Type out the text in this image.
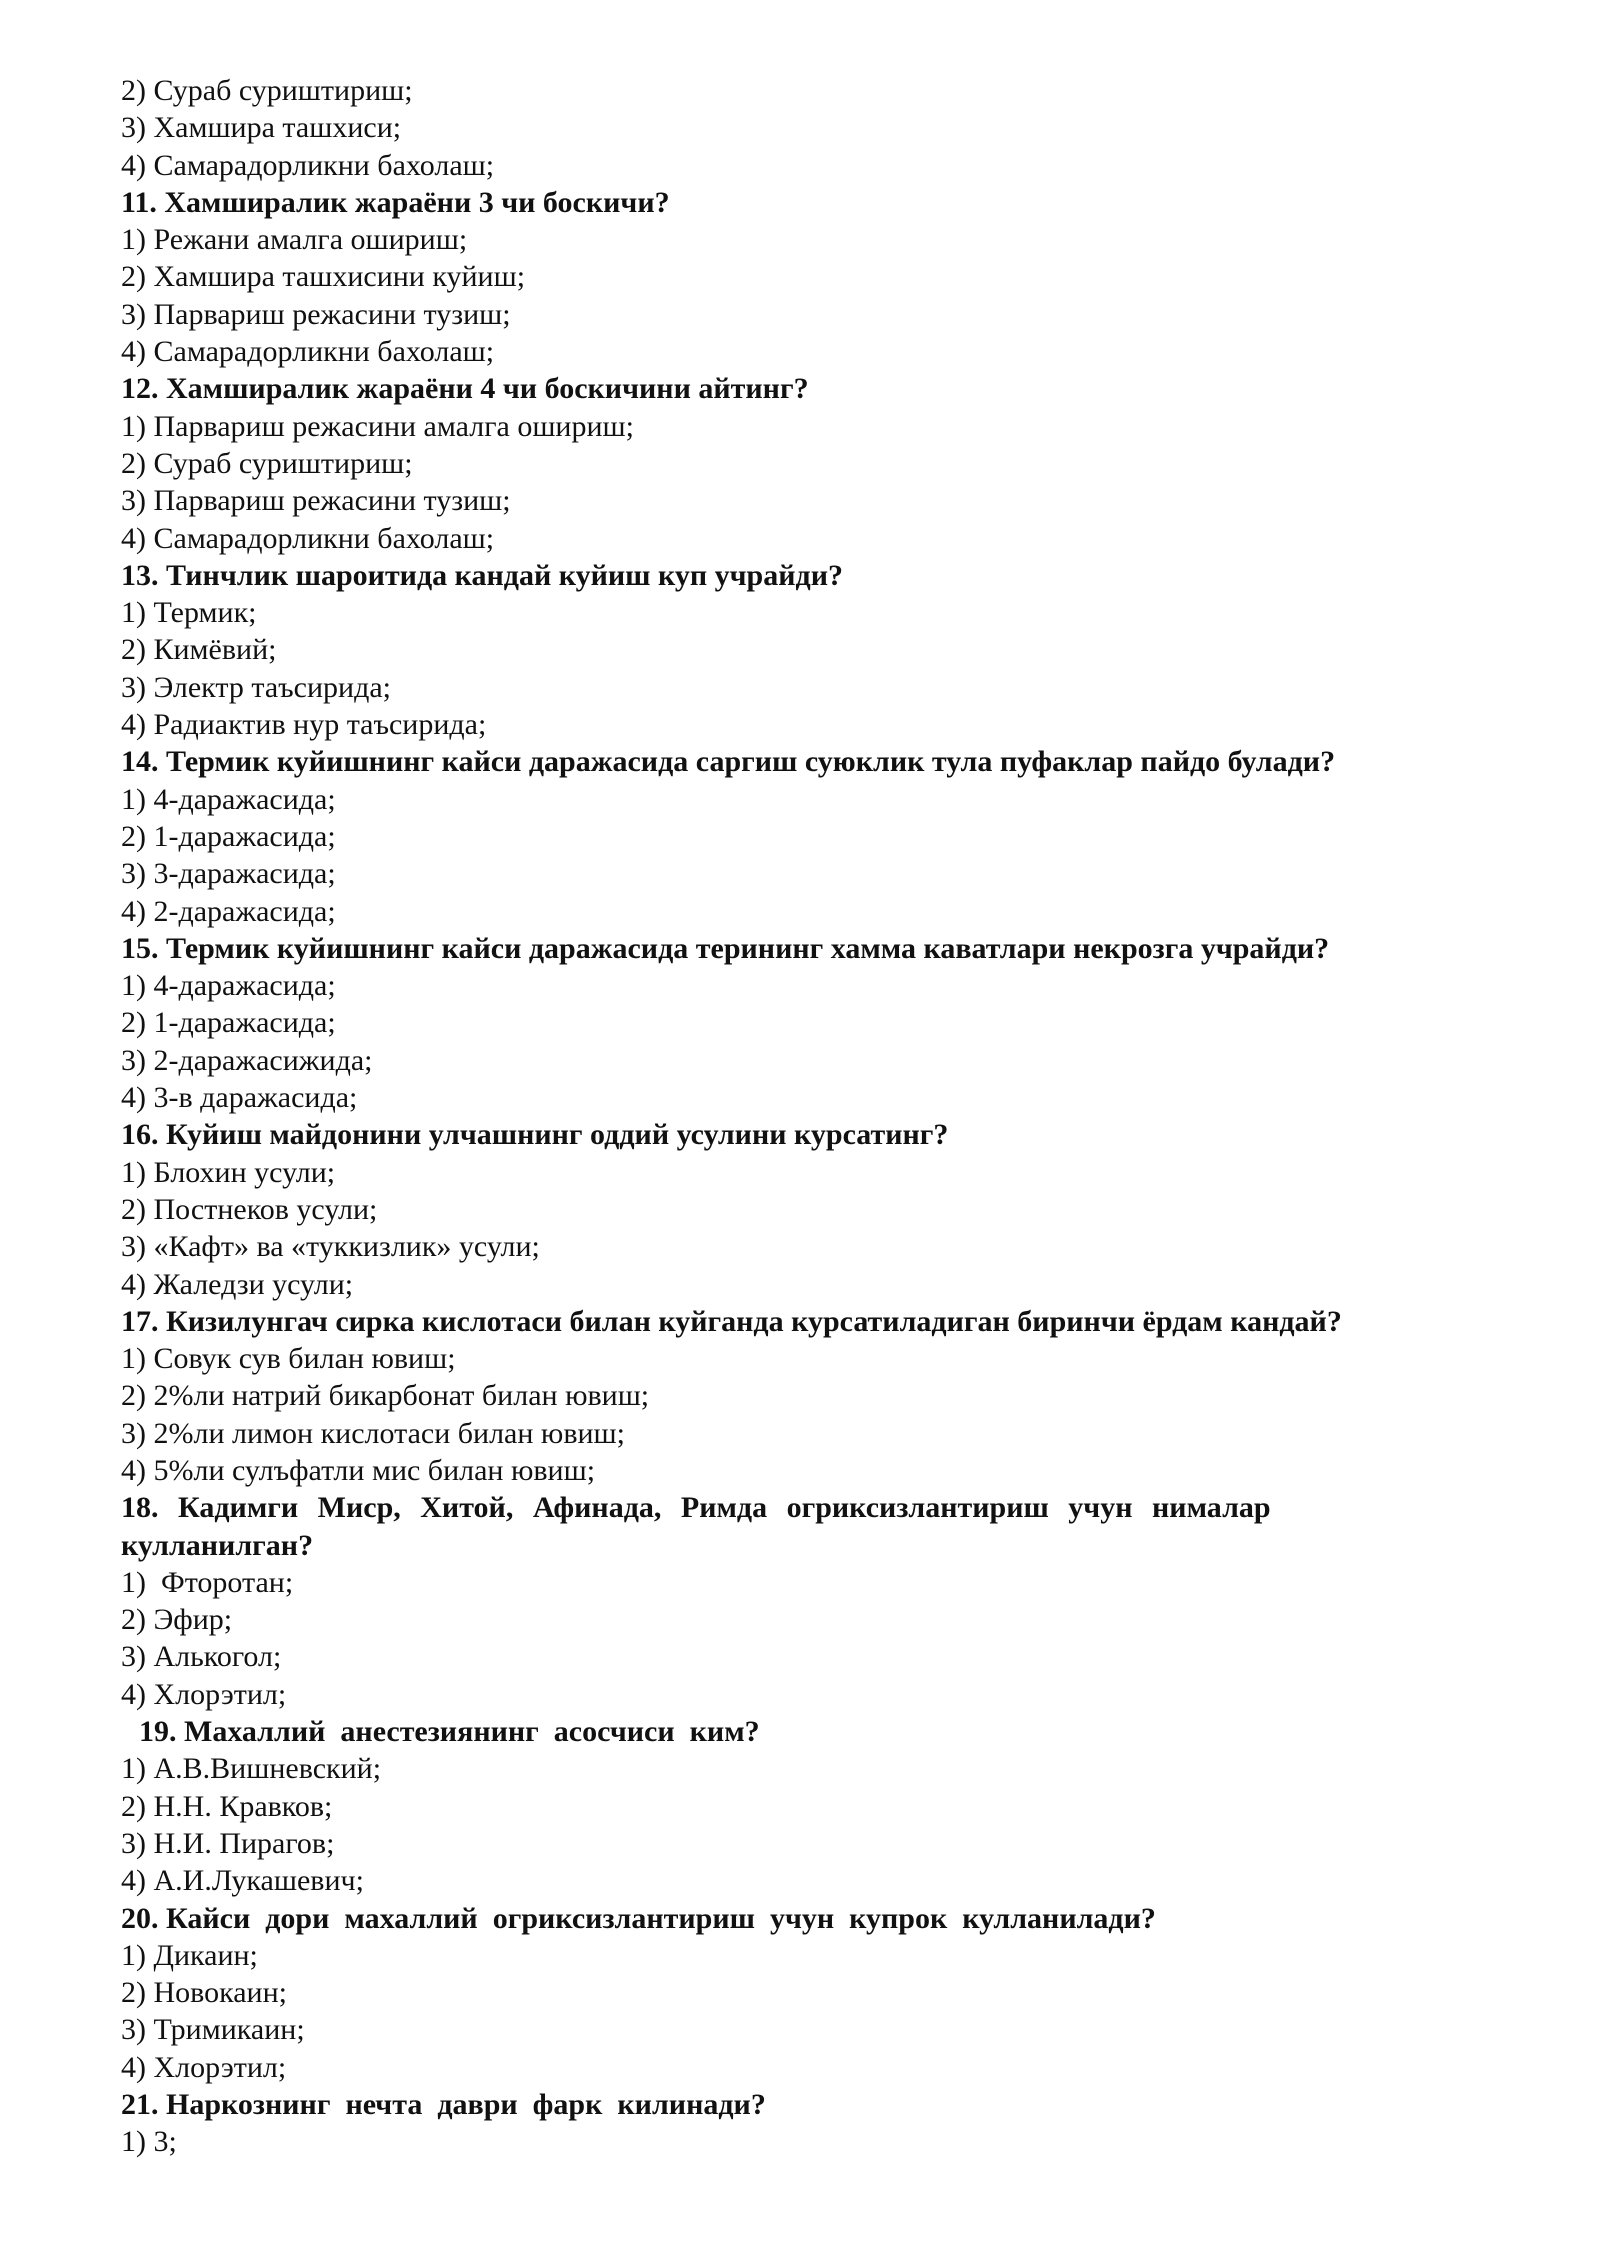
2) Сураб суриштириш;
3) Хамшира ташхиси;
4) Самарадорликни бахолаш;
11. Хамширалик жараёни 3 чи боскичи?
1) Режани амалга ошириш;
2) Хамшира ташхисини куйиш;
3) Парвариш режасини тузиш;
4) Самарадорликни бахолаш;
12. Хамширалик жараёни 4 чи боскичини айтинг?
1) Парвариш режасини амалга ошириш;
2) Сураб суриштириш;
3) Парвариш режасини тузиш;
4) Самарадорликни бахолаш;
13. Тинчлик шароитида кандай куйиш куп учрайди?
1) Термик;
2) Кимёвий;
3) Электр таъсирида;
4) Радиактив нур таъсирида;
14. Термик куйишнинг кайси даражасида саргиш суюклик тула пуфаклар пайдо булади?
1) 4-даражасида;
2) 1-даражасида;
3) 3-даражасида;
4) 2-даражасида;
15. Термик куйишнинг кайси даражасида терининг хамма каватлари некрозга учрайди?
1) 4-даражасида;
2) 1-даражасида;
3) 2-даражасижида;
4) 3-в даражасида;
16. Куйиш майдонини улчашнинг оддий усулини курсатинг?
1) Блохин усули;
2) Постнеков усули;
3) «Кафт» ва «туккизлик» усули;
4) Жаледзи усули;
17. Кизилунгач сирка кислотаси билан куйганда курсатиладиган биринчи ёрдам кандай?
1) Совук сув билан ювиш;
2) 2%ли натрий бикарбонат билан ювиш;
3) 2%ли лимон кислотаси билан ювиш;
4) 5%ли сулъфатли мис билан ювиш;
18. Кадимги Миср, Хитой, Афинада, Римда огриксизлантириш учун нималар кулланилган?
1)  Фторотан;
2) Эфир;
3) Алькогол;
4) Хлорэтил;
19. Махаллий  анестезиянинг  асосчиси  ким?
1) А.В.Вишневский;
2) Н.Н. Кравков;
3) Н.И. Пирагов;
4) А.И.Лукашевич;
20. Кайси  дори  махаллий  огриксизлантириш  учун  купрок  кулланилади?
1) Дикаин;
2) Новокаин;
3) Тримикаин;
4) Хлорэтил;
21. Наркознинг  нечта  даври  фарк  килинади?
1) 3;
